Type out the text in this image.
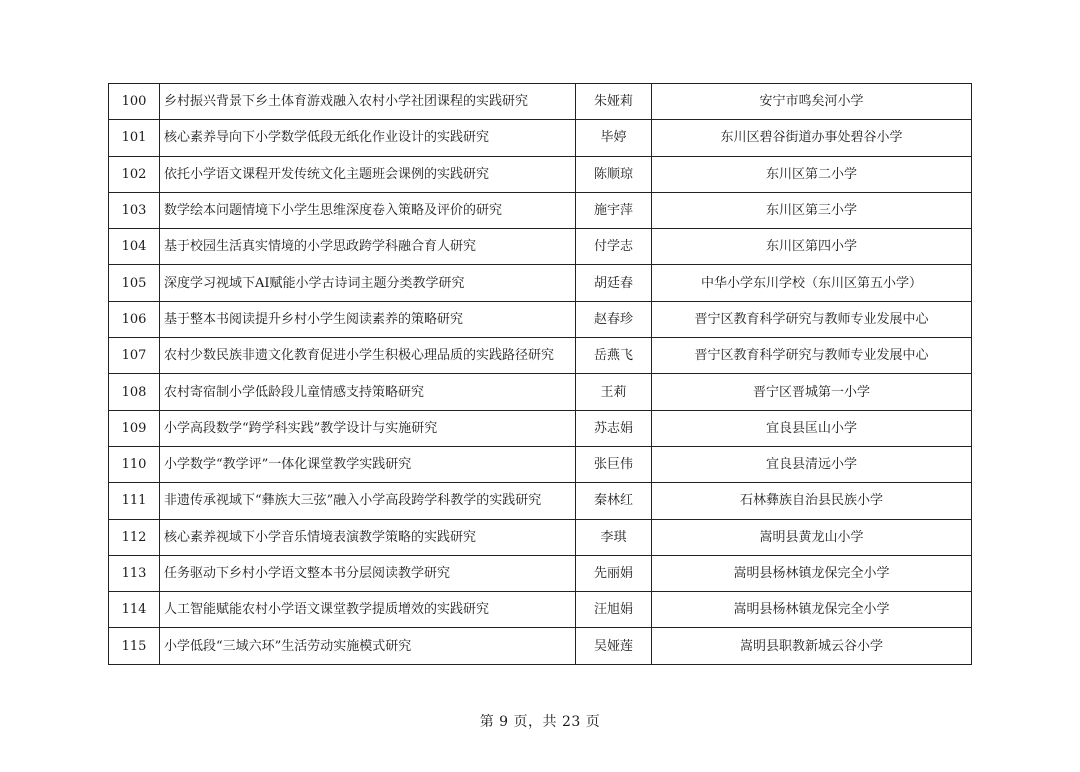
100	乡村振兴背景下乡土体育游戏融入农村小学社团课程的实践研究	朱娅莉	安宁市鸣矣河小学
101	核心素养导向下小学数学低段无纸化作业设计的实践研究	毕婷	东川区碧谷街道办事处碧谷小学
102	依托小学语文课程开发传统文化主题班会课例的实践研究	陈顺琼	东川区第二小学
103	数学绘本问题情境下小学生思维深度卷入策略及评价的研究	施宇萍	东川区第三小学
104	基于校园生活真实情境的小学思政跨学科融合育人研究	付学志	东川区第四小学
105	深度学习视域下AI赋能小学古诗词主题分类教学研究	胡廷春	中华小学东川学校（东川区第五小学）
106	基于整本书阅读提升乡村小学生阅读素养的策略研究	赵春珍	晋宁区教育科学研究与教师专业发展中心
107	农村少数民族非遗文化教育促进小学生积极心理品质的实践路径研究	岳燕飞	晋宁区教育科学研究与教师专业发展中心
108	农村寄宿制小学低龄段儿童情感支持策略研究	王莉	晋宁区晋城第一小学
109	小学高段数学“跨学科实践”教学设计与实施研究	苏志娟	宜良县匡山小学
110	小学数学“教学评”一体化课堂教学实践研究	张巨伟	宜良县清远小学
111	非遗传承视域下“彝族大三弦”融入小学高段跨学科教学的实践研究	秦林红	石林彝族自治县民族小学
112	核心素养视域下小学音乐情境表演教学策略的实践研究	李琪	嵩明县黄龙山小学
113	任务驱动下乡村小学语文整本书分层阅读教学研究	先丽娟	嵩明县杨林镇龙保完全小学
114	人工智能赋能农村小学语文课堂教学提质增效的实践研究	汪旭娟	嵩明县杨林镇龙保完全小学
115	小学低段“三域六环”生活劳动实施模式研究	吴娅莲	嵩明县职教新城云谷小学
第 9 页，共 23 页
